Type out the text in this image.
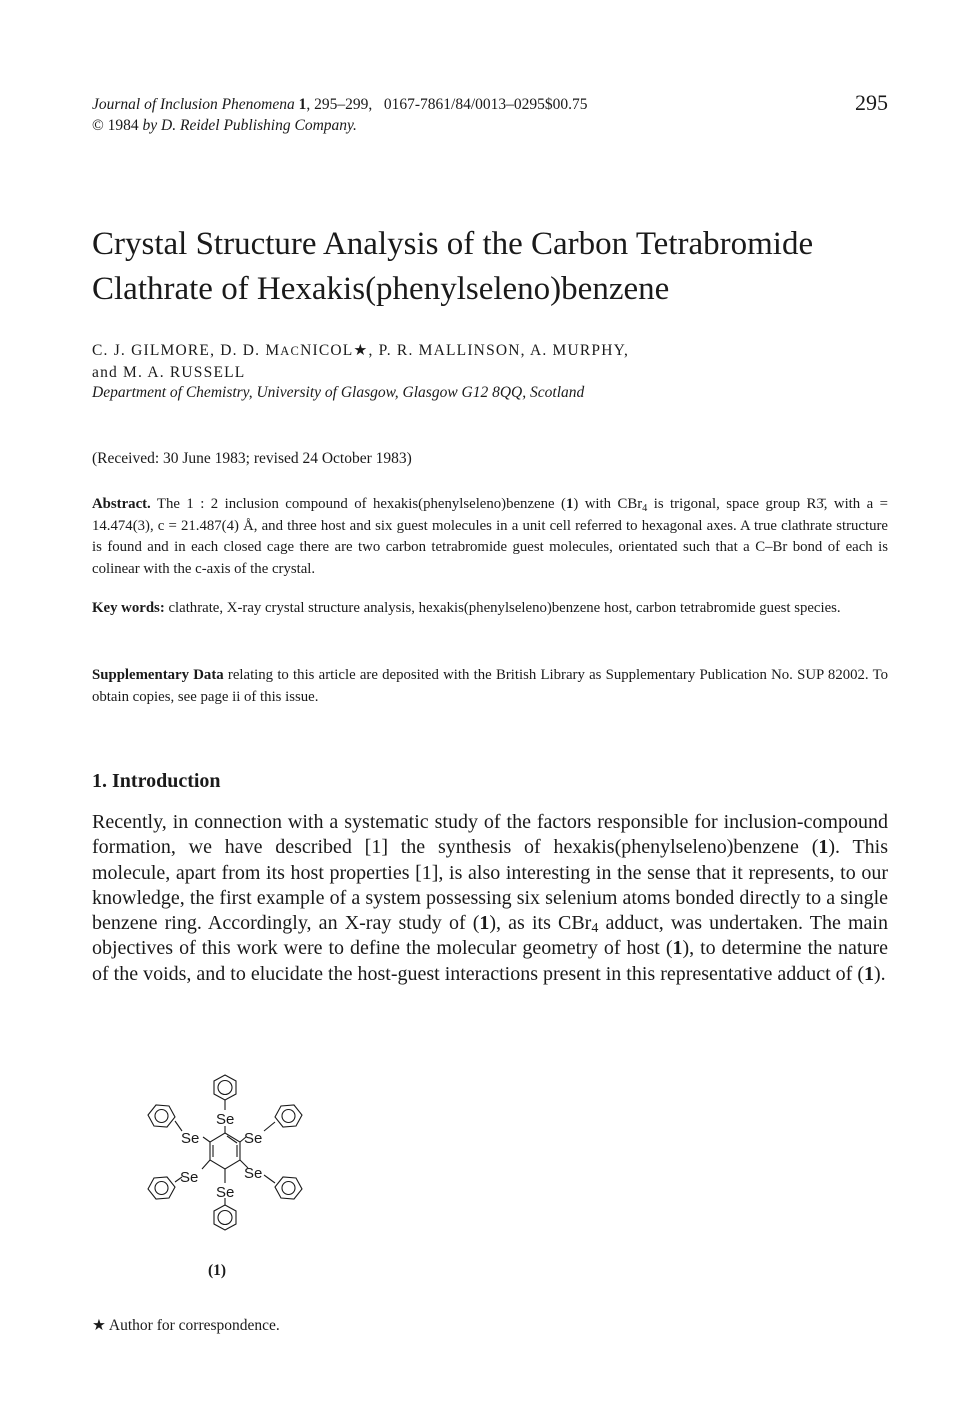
Journal of Inclusion Phenomena 1, 295–299, 0167-7861/84/0013–0295$00.75
© 1984 by D. Reidel Publishing Company.
295
Crystal Structure Analysis of the Carbon Tetrabromide
Clathrate of Hexakis(phenylseleno)benzene
C. J. GILMORE, D. D. MACNICOL★, P. R. MALLINSON, A. MURPHY,
and M. A. RUSSELL
Department of Chemistry, University of Glasgow, Glasgow G12 8QQ, Scotland
(Received: 30 June 1983; revised 24 October 1983)
Abstract. The 1 : 2 inclusion compound of hexakis(phenylseleno)benzene (1) with CBr$_4$ is trigonal, space group R3̄, with a = 14.474(3), c = 21.487(4) Å, and three host and six guest molecules in a unit cell referred to hexagonal axes. A true clathrate structure is found and in each closed cage there are two carbon tetrabromide guest molecules, orientated such that a C–Br bond of each is colinear with the c-axis of the crystal.
Key words: clathrate, X-ray crystal structure analysis, hexakis(phenylseleno)benzene host, carbon tetrabromide guest species.
Supplementary Data relating to this article are deposited with the British Library as Supplementary Publication No. SUP 82002. To obtain copies, see page ii of this issue.
1. Introduction
Recently, in connection with a systematic study of the factors responsible for inclusion-compound formation, we have described [1] the synthesis of hexakis(phenylseleno)benzene (1). This molecule, apart from its host properties [1], is also interesting in the sense that it represents, to our knowledge, the first example of a system possessing six selenium atoms bonded directly to a single benzene ring. Accordingly, an X-ray study of (1), as its CBr$_4$ adduct, was undertaken. The main objectives of this work were to define the molecular geometry of host (1), to determine the nature of the voids, and to elucidate the host-guest interactions present in this representative adduct of (1).
Se
Se	Se
Se	Se
Se
(1)
★ Author for correspondence.
